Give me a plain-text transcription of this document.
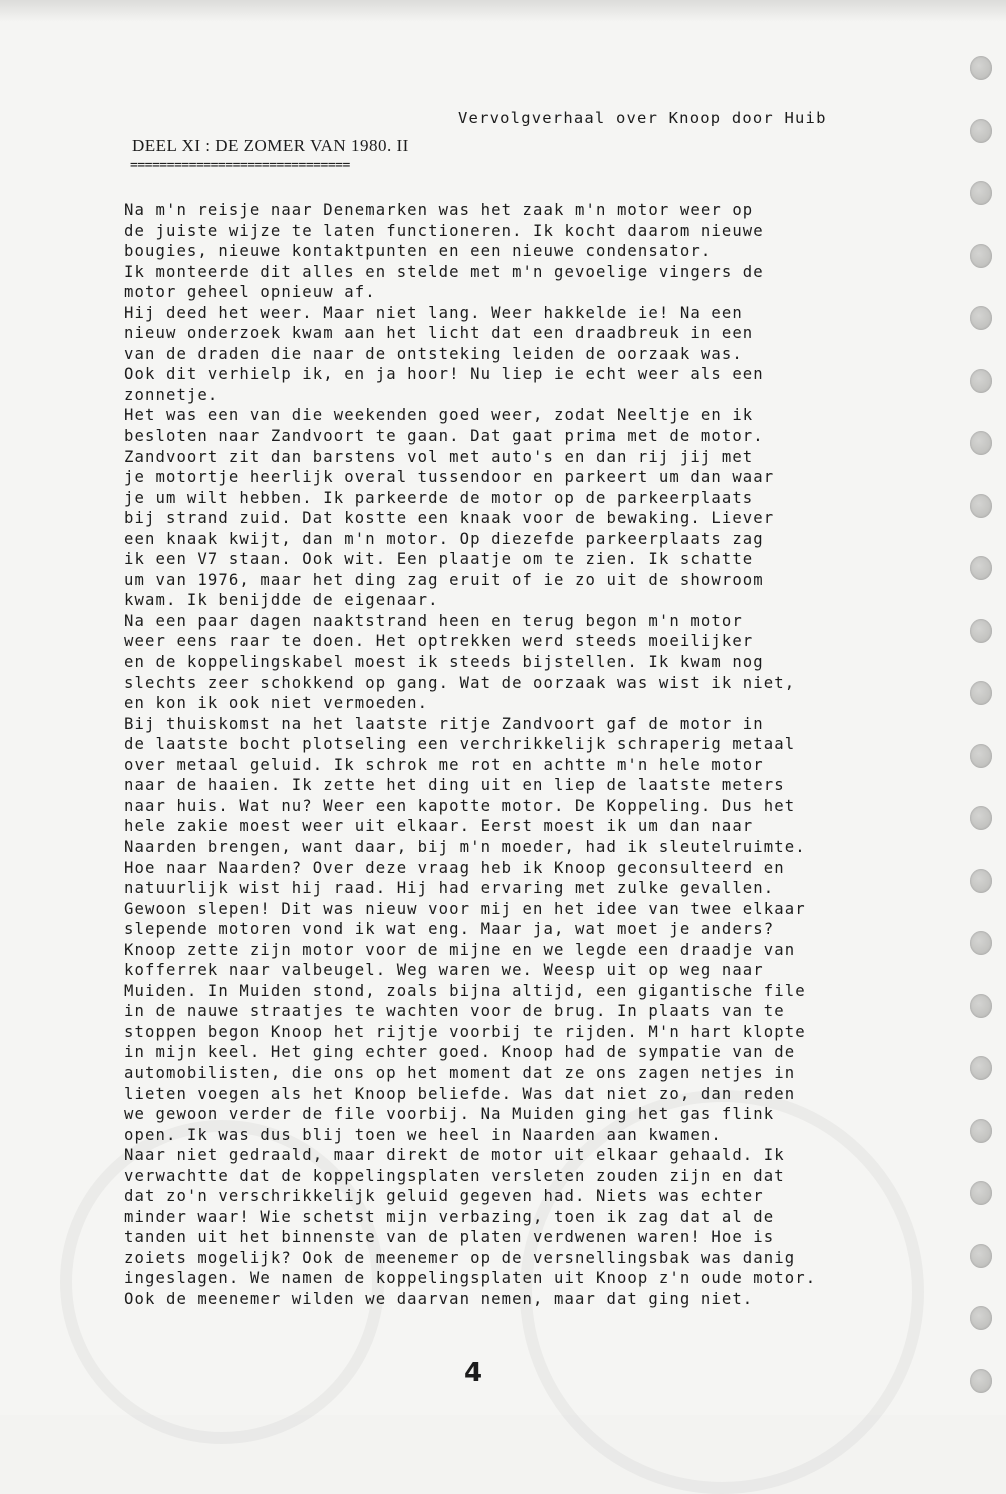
Vervolgverhaal over Knoop door Huib
DEEL XI : DE ZOMER VAN 1980. II
==============================
Na m'n reisje naar Denemarken was het zaak m'n motor weer op
de juiste wijze te laten functioneren. Ik kocht daarom nieuwe
bougies, nieuwe kontaktpunten en een nieuwe condensator.
Ik monteerde dit alles en stelde met m'n gevoelige vingers de
motor geheel opnieuw af.
Hij deed het weer. Maar niet lang. Weer hakkelde ie! Na een
nieuw onderzoek kwam aan het licht dat een draadbreuk in een
van de draden die naar de ontsteking leiden de oorzaak was.
Ook dit verhielp ik, en ja hoor! Nu liep ie echt weer als een
zonnetje.
Het was een van die weekenden goed weer, zodat Neeltje en ik
besloten naar Zandvoort te gaan. Dat gaat prima met de motor.
Zandvoort zit dan barstens vol met auto's en dan rij jij met
je motortje heerlijk overal tussendoor en parkeert um dan waar
je um wilt hebben. Ik parkeerde de motor op de parkeerplaats
bij strand zuid. Dat kostte een knaak voor de bewaking. Liever
een knaak kwijt, dan m'n motor. Op diezefde parkeerplaats zag
ik een V7 staan. Ook wit. Een plaatje om te zien. Ik schatte
um van 1976, maar het ding zag eruit of ie zo uit de showroom
kwam. Ik benijdde de eigenaar.
Na een paar dagen naaktstrand heen en terug begon m'n motor
weer eens raar te doen. Het optrekken werd steeds moeilijker
en de koppelingskabel moest ik steeds bijstellen. Ik kwam nog
slechts zeer schokkend op gang. Wat de oorzaak was wist ik niet,
en kon ik ook niet vermoeden.
Bij thuiskomst na het laatste ritje Zandvoort gaf de motor in
de laatste bocht plotseling een verchrikkelijk schraperig metaal
over metaal geluid. Ik schrok me rot en achtte m'n hele motor
naar de haaien. Ik zette het ding uit en liep de laatste meters
naar huis. Wat nu? Weer een kapotte motor. De Koppeling. Dus het
hele zakie moest weer uit elkaar. Eerst moest ik um dan naar
Naarden brengen, want daar, bij m'n moeder, had ik sleutelruimte.
Hoe naar Naarden? Over deze vraag heb ik Knoop geconsulteerd en
natuurlijk wist hij raad. Hij had ervaring met zulke gevallen.
Gewoon slepen! Dit was nieuw voor mij en het idee van twee elkaar
slepende motoren vond ik wat eng. Maar ja, wat moet je anders?
Knoop zette zijn motor voor de mijne en we legde een draadje van
kofferrek naar valbeugel. Weg waren we. Weesp uit op weg naar
Muiden. In Muiden stond, zoals bijna altijd, een gigantische file
in de nauwe straatjes te wachten voor de brug. In plaats van te
stoppen begon Knoop het rijtje voorbij te rijden. M'n hart klopte
in mijn keel. Het ging echter goed. Knoop had de sympatie van de
automobilisten, die ons op het moment dat ze ons zagen netjes in
lieten voegen als het Knoop beliefde. Was dat niet zo, dan reden
we gewoon verder de file voorbij. Na Muiden ging het gas flink
open. Ik was dus blij toen we heel in Naarden aan kwamen.
Naar niet gedraald, maar direkt de motor uit elkaar gehaald. Ik
verwachtte dat de koppelingsplaten versleten zouden zijn en dat
dat zo'n verschrikkelijk geluid gegeven had. Niets was echter
minder waar! Wie schetst mijn verbazing, toen ik zag dat al de
tanden uit het binnenste van de platen verdwenen waren! Hoe is
zoiets mogelijk? Ook de meenemer op de versnellingsbak was danig
ingeslagen. We namen de koppelingsplaten uit Knoop z'n oude motor.
Ook de meenemer wilden we daarvan nemen, maar dat ging niet.
4
